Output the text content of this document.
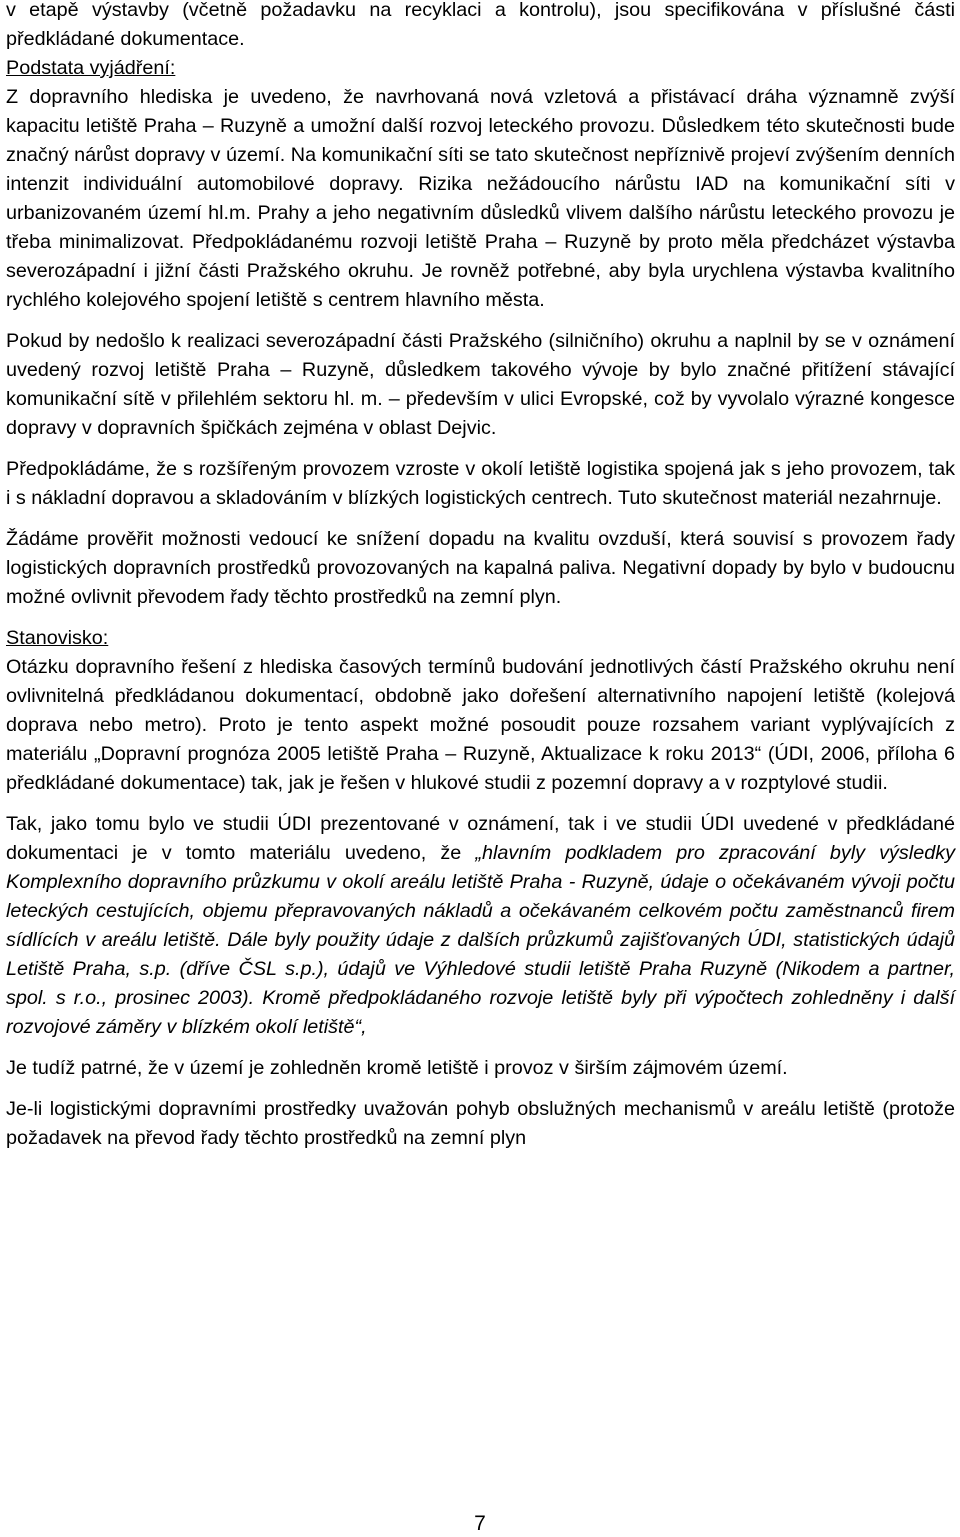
v etapě výstavby (včetně požadavku na recyklaci a kontrolu), jsou specifikována v příslušné části předkládané dokumentace.

Podstata vyjádření:

Z dopravního hlediska je uvedeno, že navrhovaná nová vzletová a přistávací dráha významně zvýší kapacitu letiště Praha – Ruzyně a umožní další rozvoj leteckého provozu. Důsledkem této skutečnosti bude značný nárůst dopravy v území. Na komunikační síti se tato skutečnost nepříznivě projeví zvýšením denních intenzit individuální automobilové dopravy. Rizika nežádoucího nárůstu IAD na komunikační síti v urbanizovaném území hl.m. Prahy a jeho negativním důsledků vlivem dalšího nárůstu leteckého provozu je třeba minimalizovat. Předpokládanému rozvoji letiště Praha – Ruzyně by proto měla předcházet výstavba severozápadní i jižní části Pražského okruhu. Je rovněž potřebné, aby byla urychlena výstavba kvalitního rychlého kolejového spojení letiště s centrem hlavního města.

Pokud by nedošlo k realizaci severozápadní části Pražského (silničního) okruhu a naplnil by se v oznámení uvedený rozvoj letiště Praha – Ruzyně, důsledkem takového vývoje by bylo značné přitížení stávající komunikační sítě v přilehlém sektoru hl. m. – především v ulici Evropské, což by vyvolalo výrazné kongesce dopravy v dopravních špičkách zejména v oblast Dejvic.

Předpokládáme, že s rozšířeným provozem vzroste v okolí letiště logistika spojená jak s jeho provozem, tak i s nákladní dopravou a skladováním v blízkých logistických centrech. Tuto skutečnost materiál nezahrnuje.

Žádáme prověřit možnosti vedoucí ke snížení dopadu na kvalitu ovzduší, která souvisí s provozem řady logistických dopravních prostředků provozovaných na kapalná paliva. Negativní dopady by bylo v budoucnu možné ovlivnit převodem řady těchto prostředků na zemní plyn.

Stanovisko:

Otázku dopravního řešení z hlediska časových termínů budování jednotlivých částí Pražského okruhu není ovlivnitelná předkládanou dokumentací, obdobně jako dořešení alternativního napojení letiště (kolejová doprava nebo metro). Proto je tento aspekt možné posoudit pouze rozsahem variant vyplývajících z materiálu „Dopravní prognóza 2005 letiště Praha – Ruzyně, Aktualizace k roku 2013“ (ÚDI, 2006, příloha 6 předkládané dokumentace) tak, jak je řešen v hlukové studii z pozemní dopravy a v rozptylové studii.

Tak, jako tomu bylo ve studii ÚDI prezentované v oznámení, tak i ve studii ÚDI uvedené v předkládané dokumentaci je v tomto materiálu uvedeno, že „hlavním podkladem pro zpracování byly výsledky Komplexního dopravního průzkumu v okolí areálu letiště Praha - Ruzyně, údaje o očekávaném vývoji počtu leteckých cestujících, objemu přepravovaných nákladů a očekávaném celkovém počtu zaměstnanců firem sídlících v areálu letiště. Dále byly použity údaje z dalších průzkumů zajišťovaných ÚDI, statistických údajů Letiště Praha, s.p. (dříve ČSL s.p.), údajů ve Výhledové studii letiště Praha Ruzyně (Nikodem a partner, spol. s r.o., prosinec 2003). Kromě předpokládaného rozvoje letiště byly při výpočtech zohledněny i další rozvojové záměry v blízkém okolí letiště“,

Je tudíž patrné, že v území je zohledněn kromě letiště i provoz v širším zájmovém území.

Je-li logistickými dopravními prostředky uvažován pohyb obslužných mechanismů v areálu letiště (protože požadavek na převod řady těchto prostředků na zemní plyn

7
